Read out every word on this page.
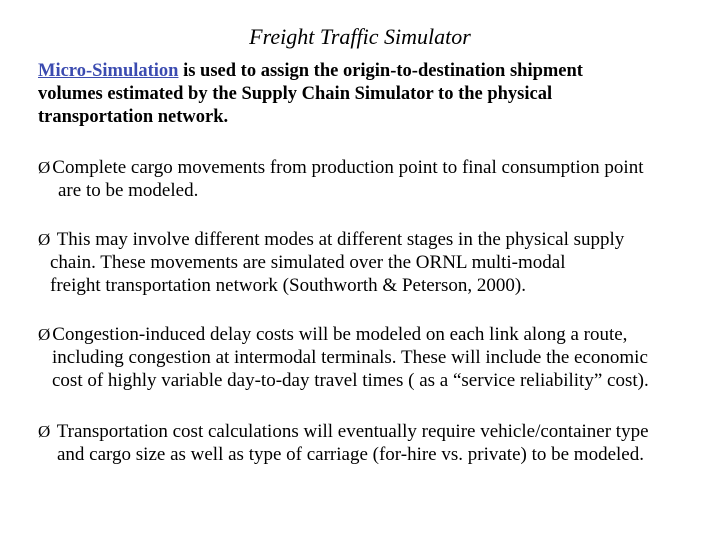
Freight Traffic Simulator
Micro-Simulation is used to assign the origin-to-destination shipment
volumes estimated by the Supply Chain Simulator to the physical
transportation network.
Ø Complete cargo movements from production point to final consumption point
are to be modeled.
Ø This may involve different modes at different stages in the physical supply
chain. These movements are simulated over the ORNL multi-modal
freight transportation network (Southworth & Peterson, 2000).
Ø Congestion-induced delay costs will be modeled on each link along a route,
including congestion at intermodal terminals. These will include the economic
cost of highly variable day-to-day travel times ( as a “service reliability” cost).
Ø Transportation cost calculations will eventually require vehicle/container type
and cargo size as well as type of carriage (for-hire vs. private) to be modeled.
